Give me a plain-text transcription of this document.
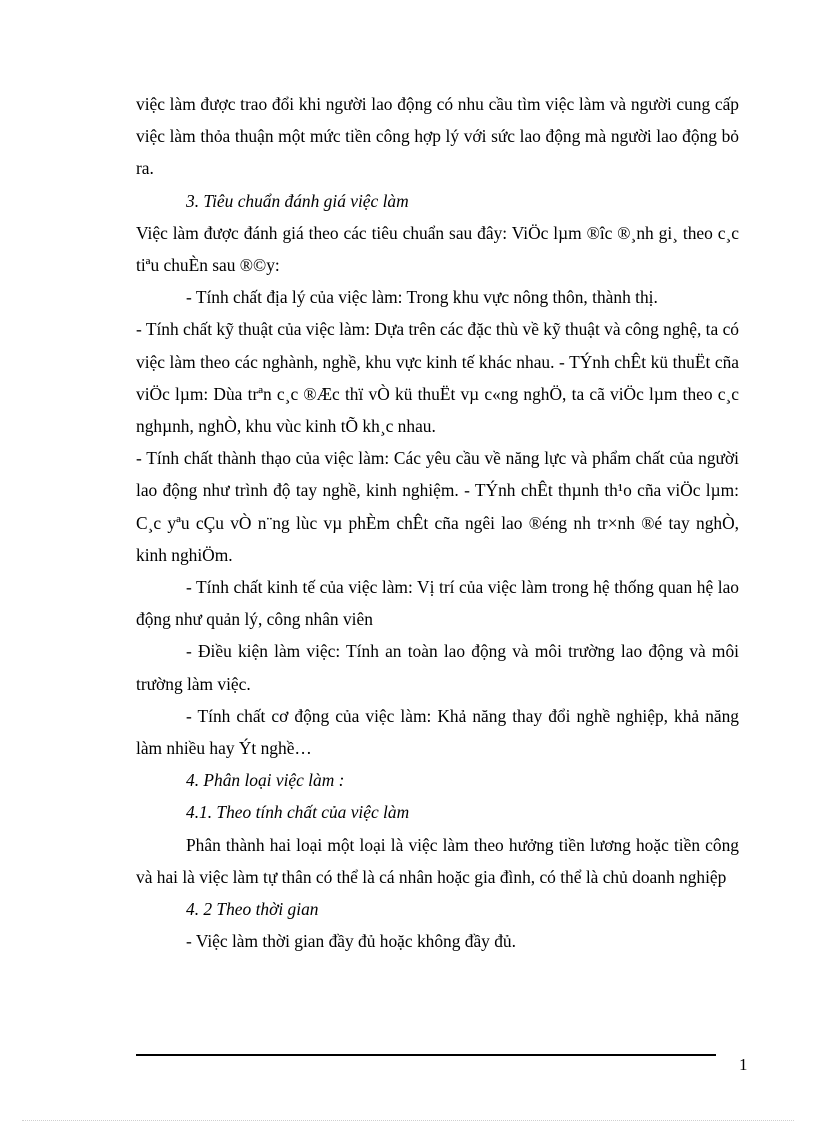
việc làm được trao đổi khi người lao động có nhu cầu tìm việc làm và người cung cấp việc làm thỏa thuận một mức tiền công hợp lý với sức lao động mà người lao động bỏ ra.

3. Tiêu chuẩn đánh giá việc làm

Việc làm được đánh giá theo các tiêu chuẩn sau đây: ViÖc lµm ®îc ®¸nh gi¸ theo c¸c tiªu chuÈn sau ®©y:

- Tính chất địa lý của việc làm: Trong khu vực nông thôn, thành thị.

- Tính chất kỹ thuật của việc làm: Dựa trên các đặc thù về kỹ thuật và công nghệ, ta có việc làm theo các nghành, nghề, khu vực kinh tế khác nhau. - TÝnh chÊt kü thuËt cña viÖc lµm: Dùa trªn c¸c ®Æc thï vÒ kü thuËt vµ c«ng nghÖ, ta cã viÖc lµm theo c¸c nghµnh, nghÒ, khu vùc kinh tÕ kh¸c nhau.

- Tính chất thành thạo của việc làm: Các yêu cầu về năng lực và phẩm chất của người lao động như trình độ tay nghề, kinh nghiệm. - TÝnh chÊt thµnh th¹o cña viÖc lµm: C¸c yªu cÇu vÒ n¨ng lùc vµ phÈm chÊt cña ngêi lao ®éng nh tr×nh ®é tay nghÒ, kinh nghiÖm.

- Tính chất kinh tế của việc làm: Vị trí của việc làm trong hệ thống quan hệ lao động như quản lý, công nhân viên

- Điều kiện làm việc: Tính an toàn lao động và môi trường lao động và môi trường làm việc.

- Tính chất cơ động của việc làm: Khả năng thay đổi nghề nghiệp, khả năng làm nhiều hay Ýt nghề…

4. Phân loại việc làm :

4.1. Theo tính chất của việc làm

Phân thành hai loại một loại là việc làm theo hưởng tiền lương hoặc tiền công và hai là việc làm tự thân có thể là cá nhân hoặc gia đình, có thể là chủ doanh nghiệp

4. 2 Theo thời gian

- Việc làm thời gian đầy đủ hoặc không đầy đủ.

1
